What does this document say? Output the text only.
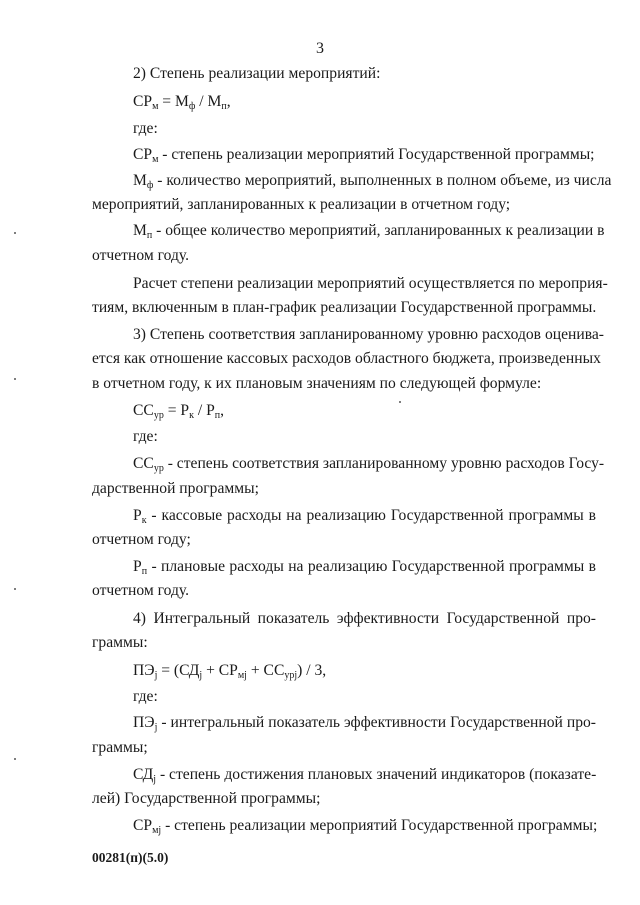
3
2) Степень реализации мероприятий:
$СР_м = М_ф / М_п$,
где:
$СР_м$ - степень реализации мероприятий Государственной программы;
$М_ф$ - количество мероприятий, выполненных в полном объеме, из числа
мероприятий, запланированных к реализации в отчетном году;
$М_п$ - общее количество мероприятий, запланированных к реализации в
отчетном году.
Расчет степени реализации мероприятий осуществляется по мероприя-
тиям, включенным в план-график реализации Государственной программы.
3) Степень соответствия запланированному уровню расходов оценива-
ется как отношение кассовых расходов областного бюджета, произведенных
в отчетном году, к их плановым значениям по следующей формуле:
$СС_{ур} = Р_к / Р_п$,
где:
$СС_{ур}$ - степень соответствия запланированному уровню расходов Госу-
дарственной программы;
$Р_к$ - кассовые расходы на реализацию Государственной программы в
отчетном году;
$Р_п$ - плановые расходы на реализацию Государственной программы в
отчетном году.
4) Интегральный показатель эффективности Государственной про-
граммы:
$ПЭ_j = (СД_j + СР_{мj} + СС_{урj}) / 3$,
где:
$ПЭ_j$ - интегральный показатель эффективности Государственной про-
граммы;
$СД_j$ - степень достижения плановых значений индикаторов (показате-
лей) Государственной программы;
$СР_{мj}$ - степень реализации мероприятий Государственной программы;
00281(п)(5.0)
